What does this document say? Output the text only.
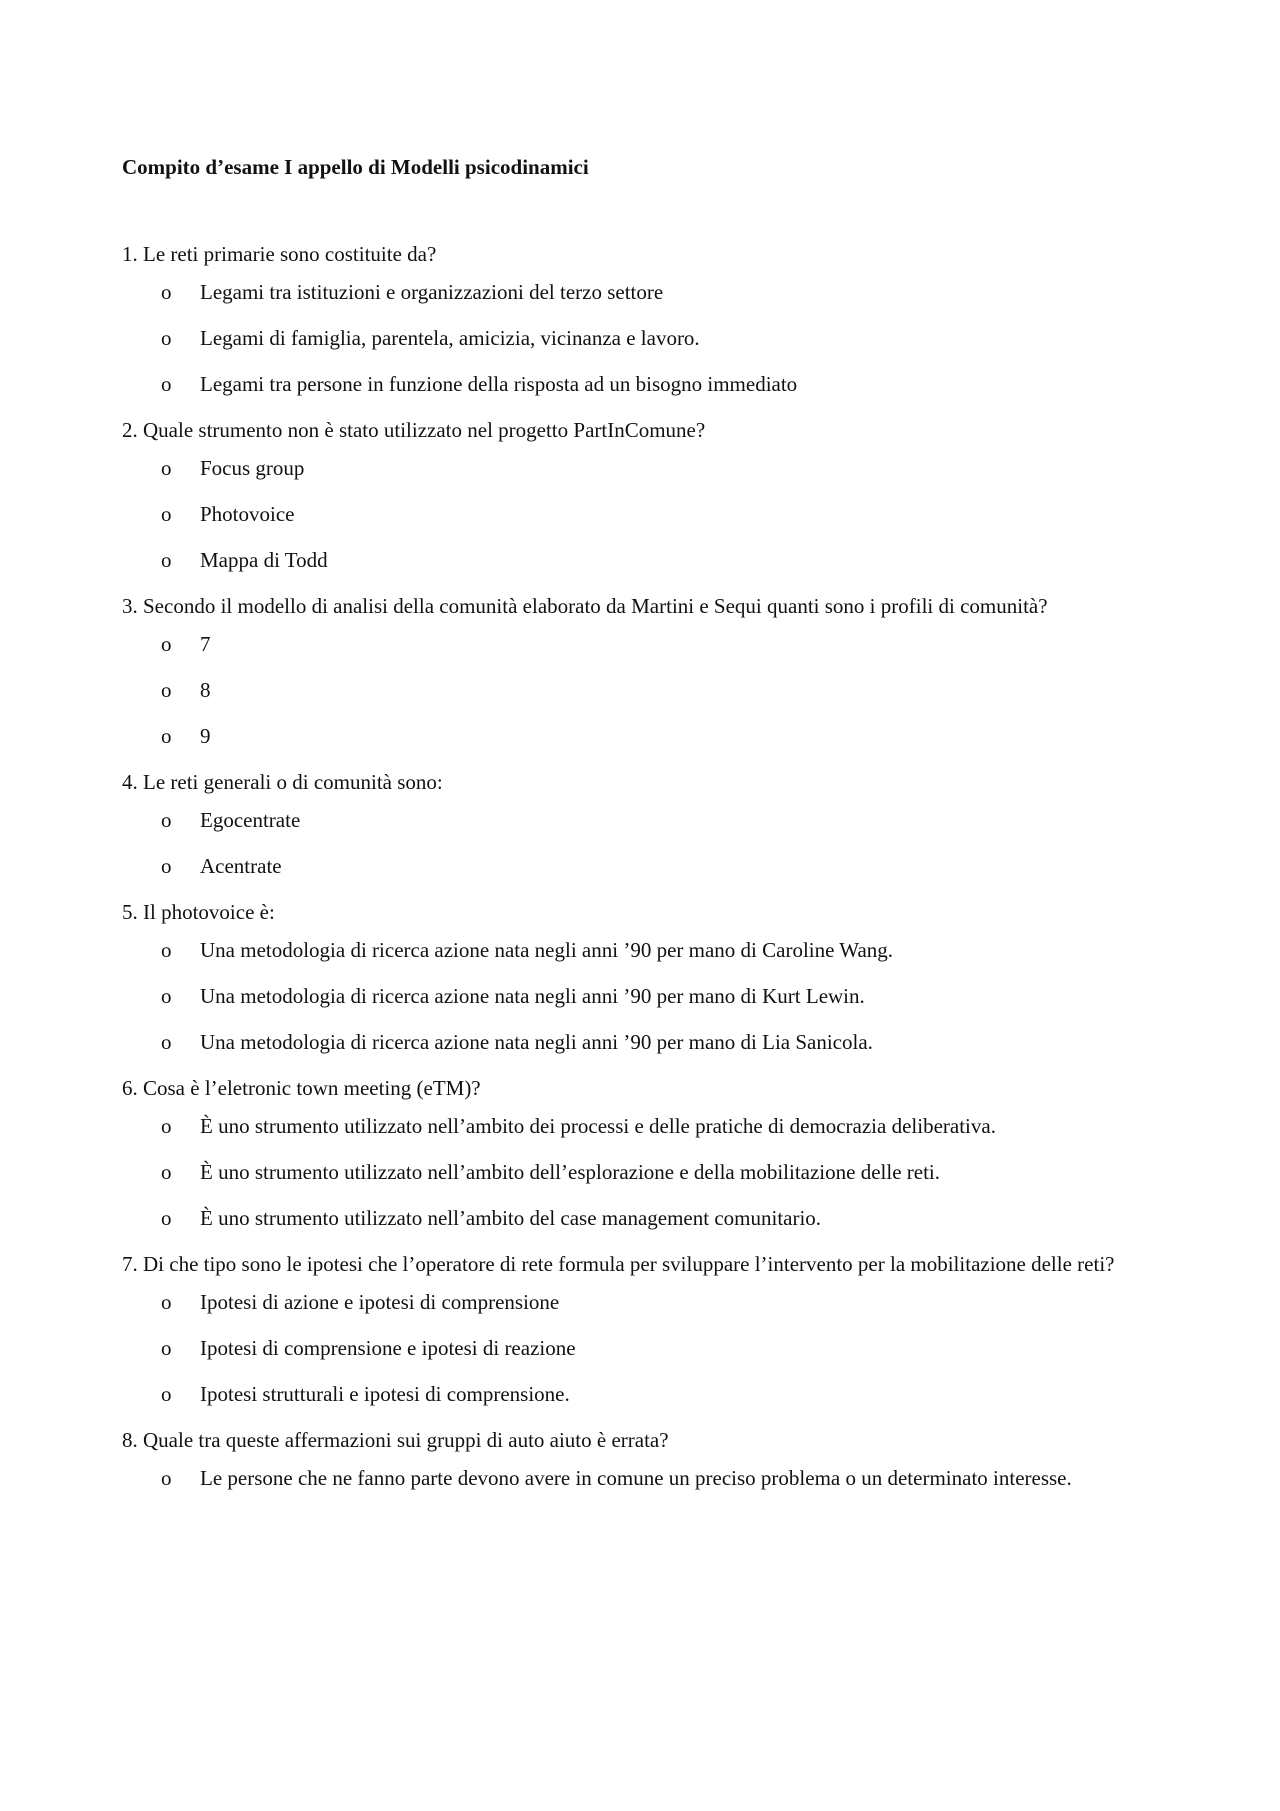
Compito d’esame I appello di Modelli psicodinamici

1. Le reti primarie sono costituite da?

o Legami tra istituzioni e organizzazioni del terzo settore
o Legami di famiglia, parentela, amicizia, vicinanza e lavoro.
o Legami tra persone in funzione della risposta ad un bisogno immediato

2. Quale strumento non è stato utilizzato nel progetto PartInComune?

o Focus group
o Photovoice
o Mappa di Todd

3. Secondo il modello di analisi della comunità elaborato da Martini e Sequi quanti sono i profili di comunità?

o 7
o 8
o 9

4. Le reti generali o di comunità sono:

o Egocentrate
o Acentrate

5. Il photovoice è:

o Una metodologia di ricerca azione nata negli anni ’90 per mano di Caroline Wang.
o Una metodologia di ricerca azione nata negli anni ’90 per mano di Kurt Lewin.
o Una metodologia di ricerca azione nata negli anni ’90 per mano di Lia Sanicola.

6. Cosa è l’eletronic town meeting (eTM)?

o È uno strumento utilizzato nell’ambito dei processi e delle pratiche di democrazia deliberativa.
o È uno strumento utilizzato nell’ambito dell’esplorazione e della mobilitazione delle reti.
o È uno strumento utilizzato nell’ambito del case management comunitario.

7. Di che tipo sono le ipotesi che l’operatore di rete formula per sviluppare l’intervento per la mobilitazione delle reti?

o Ipotesi di azione e ipotesi di comprensione
o Ipotesi di comprensione e ipotesi di reazione
o Ipotesi strutturali e ipotesi di comprensione.

8. Quale tra queste affermazioni sui gruppi di auto aiuto è errata?

o Le persone che ne fanno parte devono avere in comune un preciso problema o un determinato interesse.
